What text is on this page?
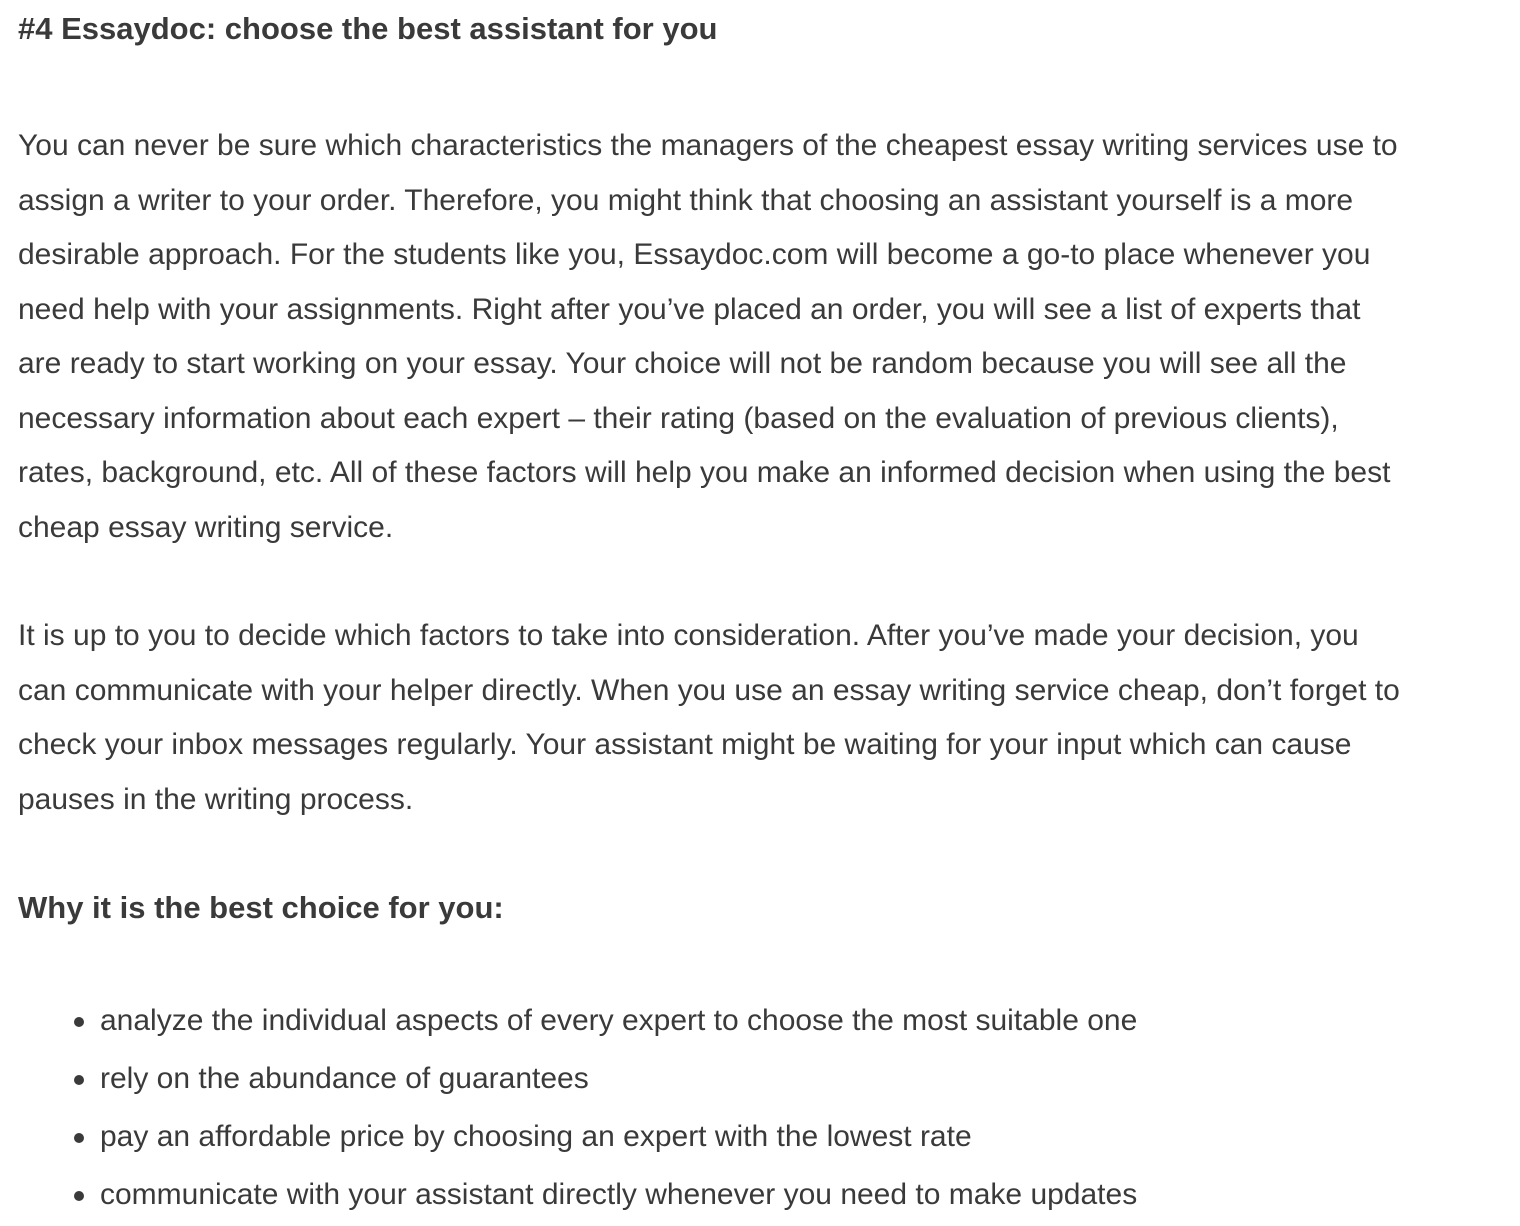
#4 Essaydoc: choose the best assistant for you

You can never be sure which characteristics the managers of the cheapest essay writing services use to
assign a writer to your order. Therefore, you might think that choosing an assistant yourself is a more
desirable approach. For the students like you, Essaydoc.com will become a go-to place whenever you
need help with your assignments. Right after you’ve placed an order, you will see a list of experts that
are ready to start working on your essay. Your choice will not be random because you will see all the
necessary information about each expert – their rating (based on the evaluation of previous clients),
rates, background, etc. All of these factors will help you make an informed decision when using the best
cheap essay writing service.

It is up to you to decide which factors to take into consideration. After you’ve made your decision, you
can communicate with your helper directly. When you use an essay writing service cheap, don’t forget to
check your inbox messages regularly. Your assistant might be waiting for your input which can cause
pauses in the writing process.

Why it is the best choice for you:
analyze the individual aspects of every expert to choose the most suitable one
rely on the abundance of guarantees
pay an affordable price by choosing an expert with the lowest rate
communicate with your assistant directly whenever you need to make updates
